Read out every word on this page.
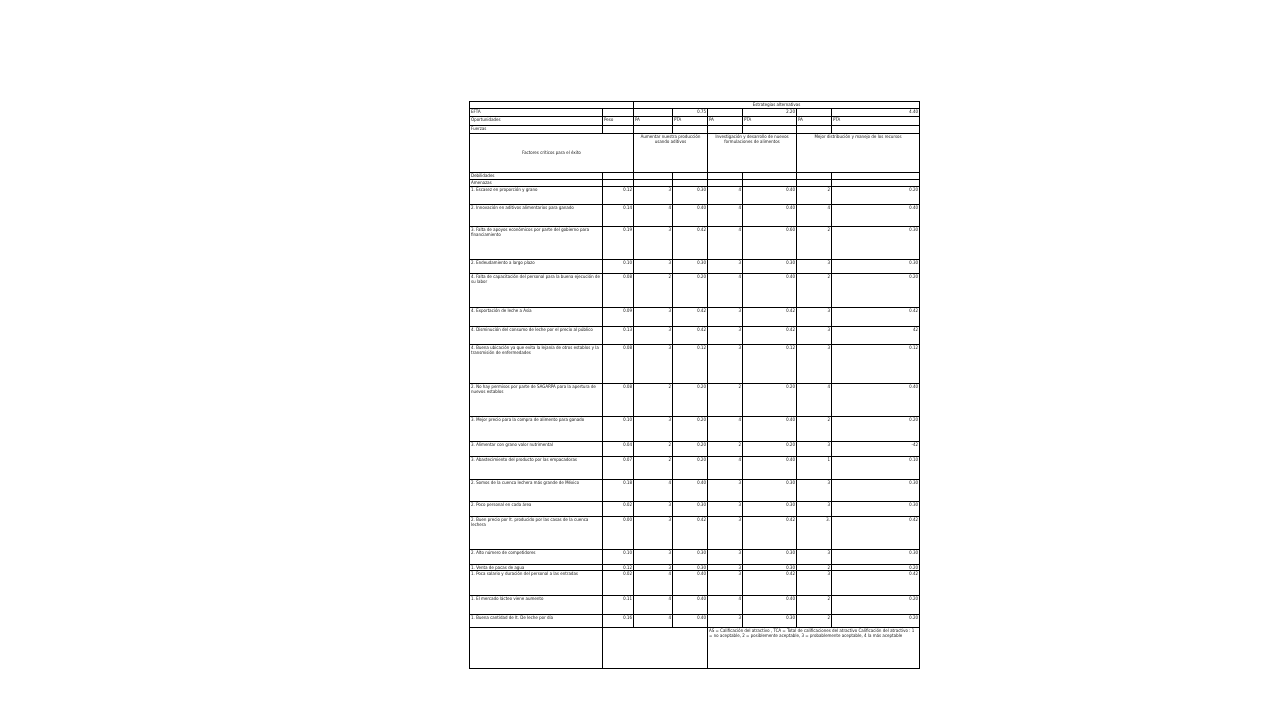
		Estrategias alternativas					
EFTA			0.75		2.20		4.40
Oportunidades	Peso	PA	PTA	PA	PTA	PA	PTA
Fuerzas							
Factores críticos para el éxito		Aumentar nuestra producción usando aditivos		Investigación y desarrollo de nuevos formulaciones de alimentos		Mejor distribución y manejo de los recursos	
Debilidades							
Amenazas							
1. Escasez en proporción y grano	0.12	3	0.30	4	0.40	2	0.20
2. Innovación en aditivos alimentarios para ganado	0.14	4	0.40	4	0.40	4	0.40
3. Falta de apoyos económicos por parte del gobierno para financiamiento	0.19	3	0.42	4	0.60	2	0.30
2. Endeudamiento a largo plazo	0.10	3	0.30	3	0.30	3	0.30
4. Falta de capacitación del personal para la buena ejecución de su labor	0.08	2	0.20	4	0.40	2	0.20
4. Exportación de leche a Asia	0.09	3	0.42	3	0.42	3	0.42
4. Disminución del consumo de leche por el precio al público	0.13	3	0.42	3	0.42	3	42
4. Buena ubicación ya que evita la lejanía de otros establos y la transmisión de enfermedades	0.08	3	0.12	3	0.12	3	0.12
2. No hay permisos por parte de SAGARPA para la apertura de nuevos establos	0.08	2	0.20	2	0.20	4	0.40
3. Mejor precio para la compra de alimento para ganado	0.10	3	0.20	4	0.40	2	0.20
3. Alimentar con grano valor nutrimental	0.04	2	0.20	2	0.20	3	-42
3. Abastecimiento del producto por las empacadoras	0.07	2	0.20	4	0.40	1	0.10
2. Somos de la cuenca lechera más grande de México	0.18	4	0.40	3	0.30	3	0.30
2. Poco personal en cada área	0.02	3	0.30	3	0.30	3	0.30
2. Buen precio por lt. producido por las casas de la cuenca lechera	0.00	3	0.42	3	0.42	3.	0.42
2. Alto número de competidores	0.10	3	0.30	3	0.30	3	0.30
1. Venta de pacas de agua	0.12	3	0.30	3	0.30	2	0.20
1. Poca salario y duración del personal a las entradas	0.02	4	0.40	3	0.42	3	0.42
1. El mercado lácteo viene aumento	0.11	4	0.40	4	0.40	2	0.20
1. Buena cantidad de lt. De leche por día	0.16	4	0.40	3	0.30	2	0.20
				AS = Calificación del atractivo , TCA = Total de calificaciones del atractivo Calificación del atractivo : 1 = no aceptable, 2 = posiblemente aceptable, 3 = probablemente aceptable, 4 la más aceptable			
